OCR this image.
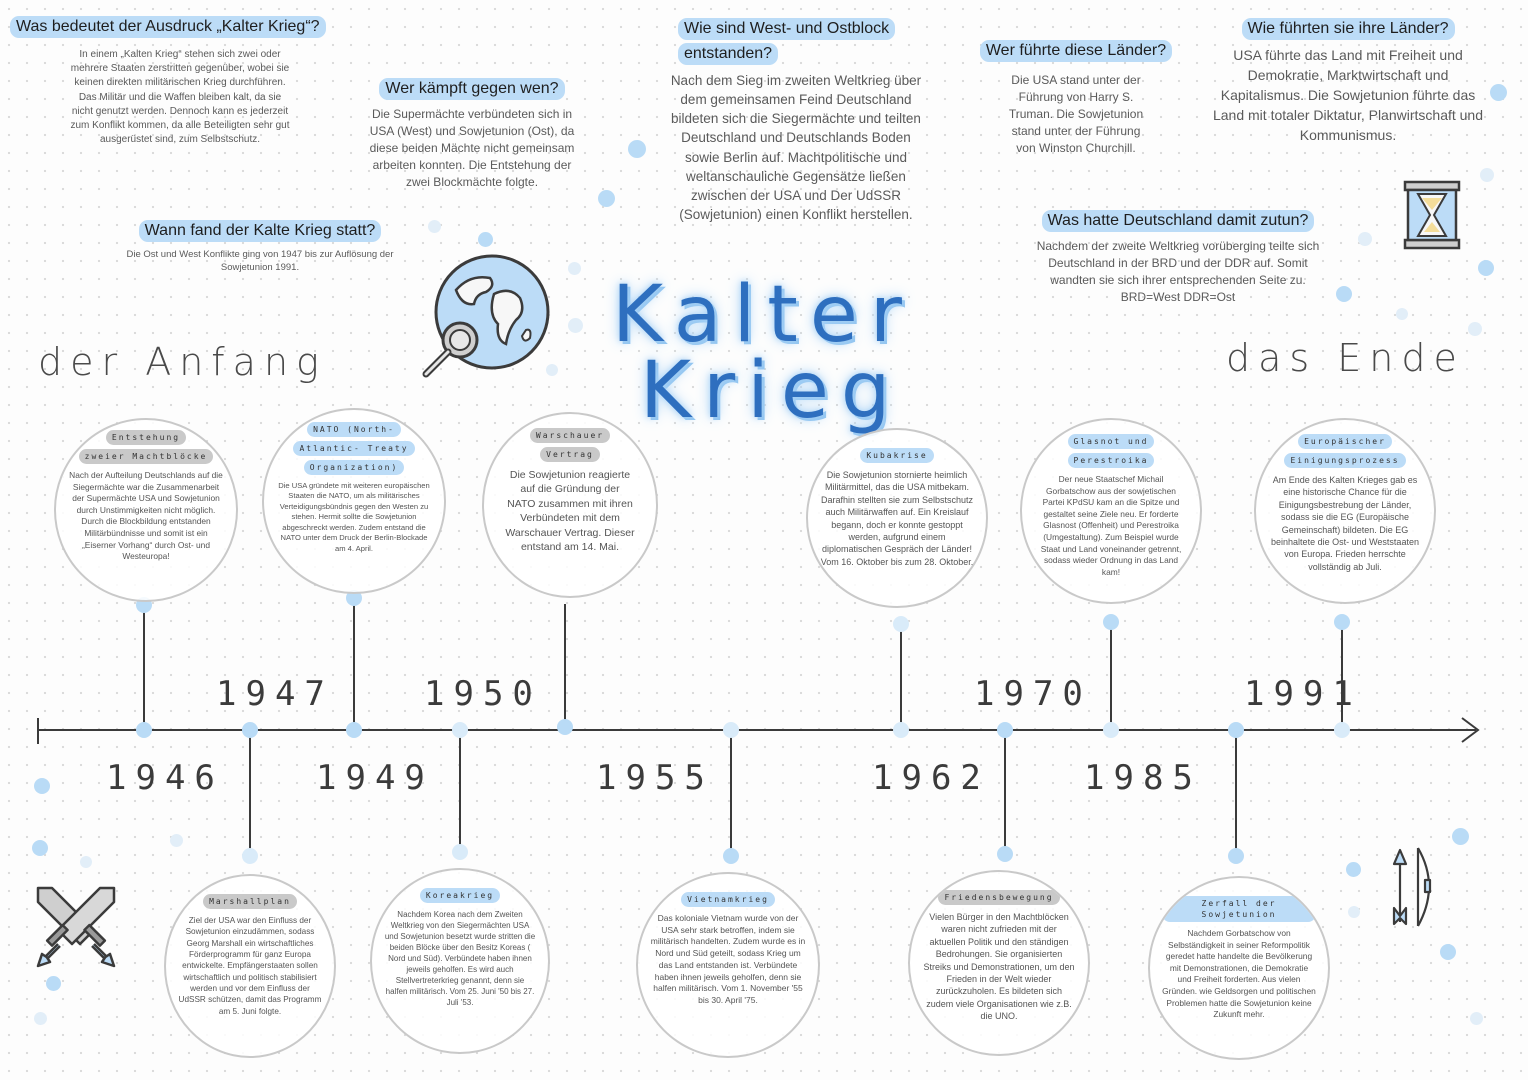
Was bedeutet der Ausdruck „Kalter Krieg“?
In einem „Kalten Krieg“ stehen sich zwei oder mehrere Staaten zerstritten gegenüber, wobei sie keinen direkten militärischen Krieg durchführen. Das Militär und die Waffen bleiben kalt, da sie nicht genutzt werden. Dennoch kann es jederzeit zum Konflikt kommen, da alle Beteiligten sehr gut ausgerüstet sind, zum Selbstschutz.
Wer kämpft gegen wen?
Die Supermächte verbündeten sich in USA (West) und Sowjetunion (Ost), da diese beiden Mächte nicht gemeinsam arbeiten konnten. Die Entstehung der zwei Blockmächte folgte.
Wann fand der Kalte Krieg statt?
Die Ost und West Konflikte ging von 1947 bis zur Auflösung der Sowjetunion 1991.
Wie sind West- und Ostblock
entstanden?
Nach dem Sieg im zweiten Weltkrieg über dem gemeinsamen Feind Deutschland bildeten sich die Siegermächte und teilten Deutschland und Deutschlands Boden sowie Berlin auf. Machtpolitische und weltanschauliche Gegensätze ließen zwischen der USA und Der UdSSR (Sowjetunion) einen Konflikt herstellen.
Wer führte diese Länder?
Die USA stand unter der Führung von Harry S. Truman. Die Sowjetunion stand unter der Führung von Winston Churchill.
Wie führten sie ihre Länder?
USA führte das Land mit Freiheit und Demokratie, Marktwirtschaft und Kapitalismus. Die Sowjetunion führte das Land mit totaler Diktatur, Planwirtschaft und Kommunismus.
Was hatte Deutschland damit zutun?
Nachdem der zweite Weltkrieg vorüberging teilte sich Deutschland in der BRD und der DDR auf. Somit wandten sie sich ihrer entsprechenden Seite zu. BRD=West DDR=Ost
Kalter
Krieg
der Anfang	das Ende
1946
1947
1949
1950
1955	1962
1970
1985
1991
Entstehung
zweier Machtblöcke
Nach der Aufteilung Deutschlands auf die Siegermächte war die Zusammenarbeit der Supermächte USA und Sowjetunion durch Unstimmigkeiten nicht möglich. Durch die Blockbildung entstanden Militärbündnisse und somit ist ein „Eiserner Vorhang“ durch Ost- und Westeuropa!
NATO (North-
Atlantic- Treaty
Organization)
Die USA gründete mit weiteren europäischen Staaten die NATO, um als militärisches Verteidigungsbündnis gegen den Westen zu stehen. Hermit sollte die Sowjetunion abgeschreckt werden. Zudem entstand die NATO unter dem Druck der Berlin-Blockade am 4. April.
Warschauer
Vertrag
Die Sowjetunion reagierte auf die Gründung der NATO zusammen mit ihren Verbündeten mit dem Warschauer Vertrag. Dieser entstand am 14. Mai.
Kubakrise
Die Sowjetunion stornierte heimlich Militärmittel, das die USA mitbekam. Darafhin stellten sie zum Selbstschutz auch Militärwaffen auf. Ein Kreislauf begann, doch er konnte gestoppt werden, aufgrund einem diplomatischen Gespräch der Länder! Vom 16. Oktober bis zum 28. Oktober.
Glasnot und
Perestroika
Der neue Staatschef Michail Gorbatschow aus der sowjetischen Partei KPdSU kam an die Spitze und gestaltet seine Ziele neu. Er forderte Glasnost (Offenheit) und Perestroika (Umgestaltung). Zum Beispiel wurde Staat und Land voneinander getrennt, sodass wieder Ordnung in das Land kam!
Europäischer
Einigungsprozess
Am Ende des Kalten Krieges gab es eine historische Chance für die Einigungsbestrebung der Länder, sodass sie die EG (Europäische Gemeinschaft) bildeten. Die EG beinhaltete die Ost- und Weststaaten von Europa. Frieden herrschte vollständig ab Juli.
Marshallplan
Ziel der USA war den Einfluss der Sowjetunion einzudämmen, sodass Georg Marshall ein wirtschaftliches Förderprogramm für ganz Europa entwickelte. Empfängerstaaten sollen wirtschaftlich und politisch stabilisiert werden und vor dem Einfluss der UdSSR schützen, damit das Programm am 5. Juni folgte.
Koreakrieg
Nachdem Korea nach dem Zweiten Weltkrieg von den Siegermächten USA und Sowjetunion besetzt wurde stritten die beiden Blöcke über den Besitz Koreas ( Nord und Süd). Verbündete haben ihnen jeweils geholfen. Es wird auch Stellvertreterkrieg genannt, denn sie halfen militärisch. Vom 25. Juni '50 bis 27. Juli '53.
Vietnamkrieg
Das koloniale Vietnam wurde von der USA sehr stark betroffen, indem sie militärisch handelten. Zudem wurde es in Nord und Süd geteilt, sodass Krieg um das Land entstanden ist. Verbündete haben ihnen jeweils geholfen, denn sie halfen militärisch. Vom 1. November '55 bis 30. April '75.
Friedensbewegung
Vielen Bürger in den Machtblöcken waren nicht zufrieden mit der aktuellen Politik und den ständigen Bedrohungen. Sie organisierten Streiks und Demonstrationen, um den Frieden in der Welt wieder zurückzuholen. Es bildeten sich zudem viele Organisationen wie z.B. die UNO.
Zerfall der Sowjetunion
Nachdem Gorbatschow von Selbständigkeit in seiner Reformpolitik geredet hatte handelte die Bevölkerung mit Demonstrationen, die Demokratie und Freiheit forderten. Aus vielen Gründen. wie Geldsorgen und politischen Problemen hatte die Sowjetunion keine Zukunft mehr.
